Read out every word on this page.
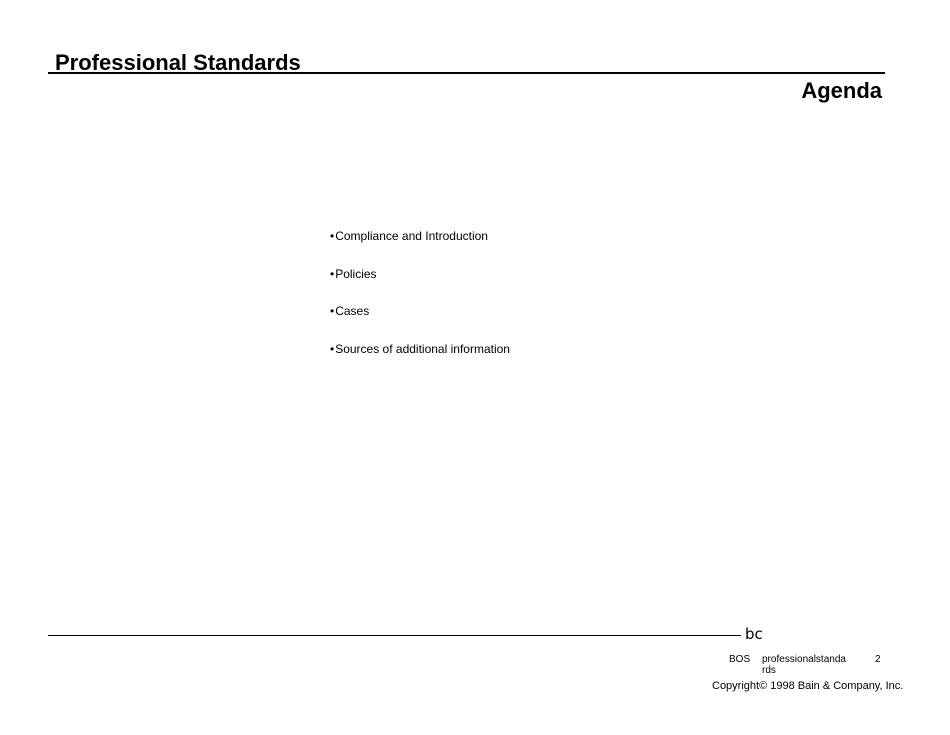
Professional Standards
Agenda
•Compliance and Introduction
•Policies
•Cases
•Sources of additional information
bc
BOS professionalstandards
2
Copyright© 1998 Bain & Company, Inc.
